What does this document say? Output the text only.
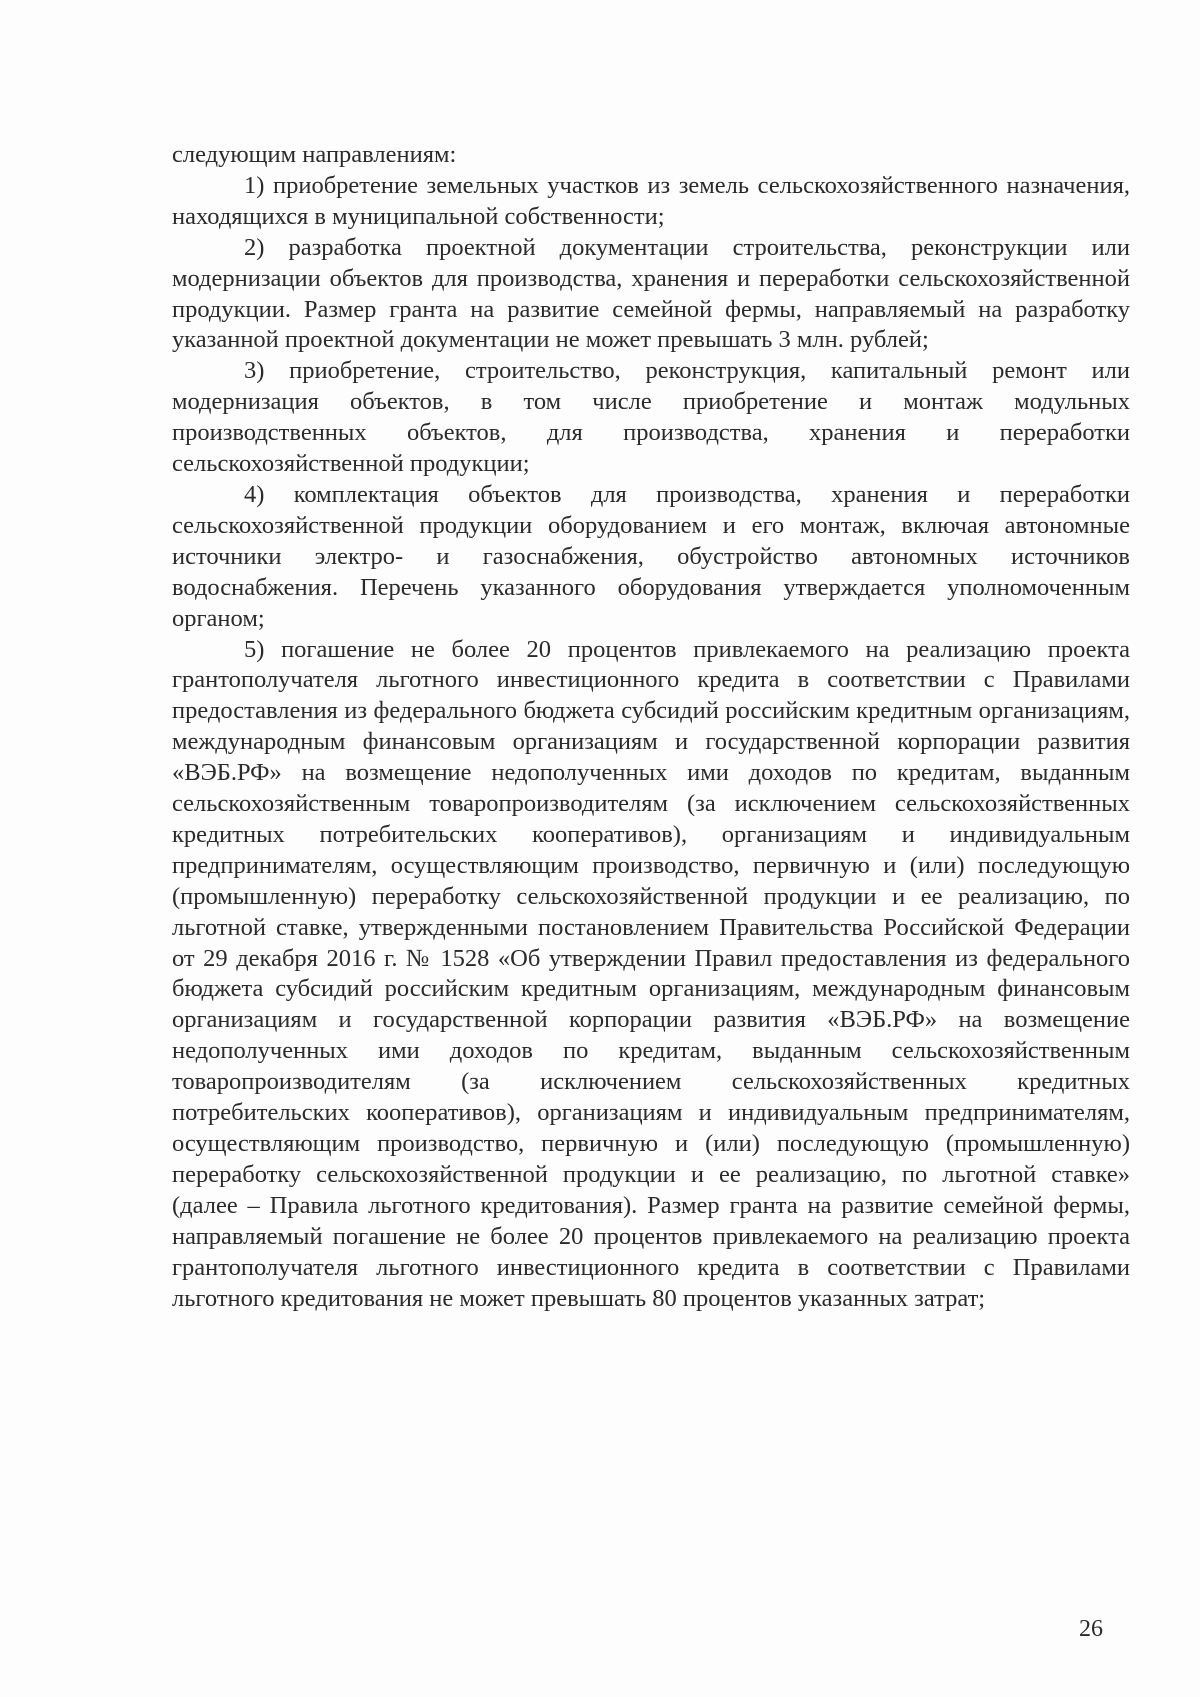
следующим направлениям:

1) приобретение земельных участков из земель сельскохозяйственного назначения, находящихся в муниципальной собственности;

2) разработка проектной документации строительства, реконструкции или модернизации объектов для производства, хранения и переработки сельскохозяйственной продукции. Размер гранта на развитие семейной фермы, направляемый на разработку указанной проектной документации не может превышать 3 млн. рублей;

3) приобретение, строительство, реконструкция, капитальный ремонт или модернизация объектов, в том числе приобретение и монтаж модульных производственных объектов, для производства, хранения и переработки сельскохозяйственной продукции;

4) комплектация объектов для производства, хранения и переработки сельскохозяйственной продукции оборудованием и его монтаж, включая автономные источники электро- и газоснабжения, обустройство автономных источников водоснабжения. Перечень указанного оборудования утверждается уполномоченным органом;

5) погашение не более 20 процентов привлекаемого на реализацию проекта грантополучателя льготного инвестиционного кредита в соответствии с Правилами предоставления из федерального бюджета субсидий российским кредитным организациям, международным финансовым организациям и государственной корпорации развития «ВЭБ.РФ» на возмещение недополученных ими доходов по кредитам, выданным сельскохозяйственным товаропроизводителям (за исключением сельскохозяйственных кредитных потребительских кооперативов), организациям и индивидуальным предпринимателям, осуществляющим производство, первичную и (или) последующую (промышленную) переработку сельскохозяйственной продукции и ее реализацию, по льготной ставке, утвержденными постановлением Правительства Российской Федерации от 29 декабря 2016 г. № 1528 «Об утверждении Правил предоставления из федерального бюджета субсидий российским кредитным организациям, международным финансовым организациям и государственной корпорации развития «ВЭБ.РФ» на возмещение недополученных ими доходов по кредитам, выданным сельскохозяйственным товаропроизводителям (за исключением сельскохозяйственных кредитных потребительских кооперативов), организациям и индивидуальным предпринимателям, осуществляющим производство, первичную и (или) последующую (промышленную) переработку сельскохозяйственной продукции и ее реализацию, по льготной ставке» (далее – Правила льготного кредитования). Размер гранта на развитие семейной фермы, направляемый погашение не более 20 процентов привлекаемого на реализацию проекта грантополучателя льготного инвестиционного кредита в соответствии с Правилами льготного кредитования не может превышать 80 процентов указанных затрат;

26
